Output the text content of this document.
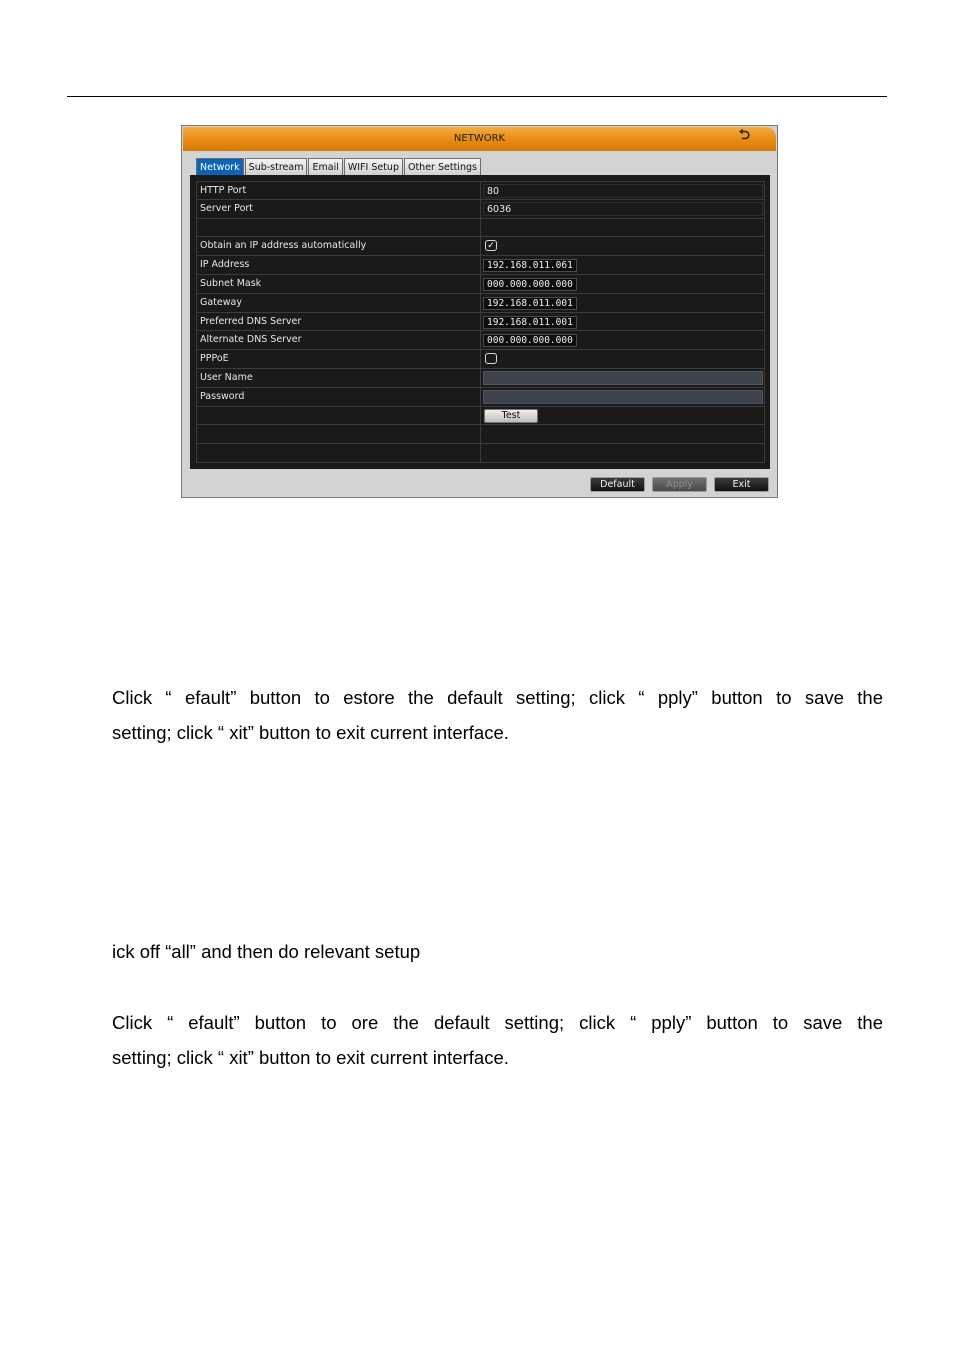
NETWORK	⮌
Network Sub-stream Email WIFI Setup Other Settings
HTTP Port	80
Server Port	6036
Obtain an IP address automatically	✓
IP Address	192.168.011.061
Subnet Mask	000.000.000.000
Gateway	192.168.011.001
Preferred DNS Server	192.168.011.001
Alternate DNS Server	000.000.000.000
PPPoE
User Name
Password
Test
Default	Apply	Exit
Click “ efault” button to estore the default setting; click “ pply” button to save the
setting; click “ xit” button to exit current interface.
ick off “all” and then do relevant setup
Click “ efault” button to ore the default setting; click “ pply” button to save the
setting; click “ xit” button to exit current interface.
